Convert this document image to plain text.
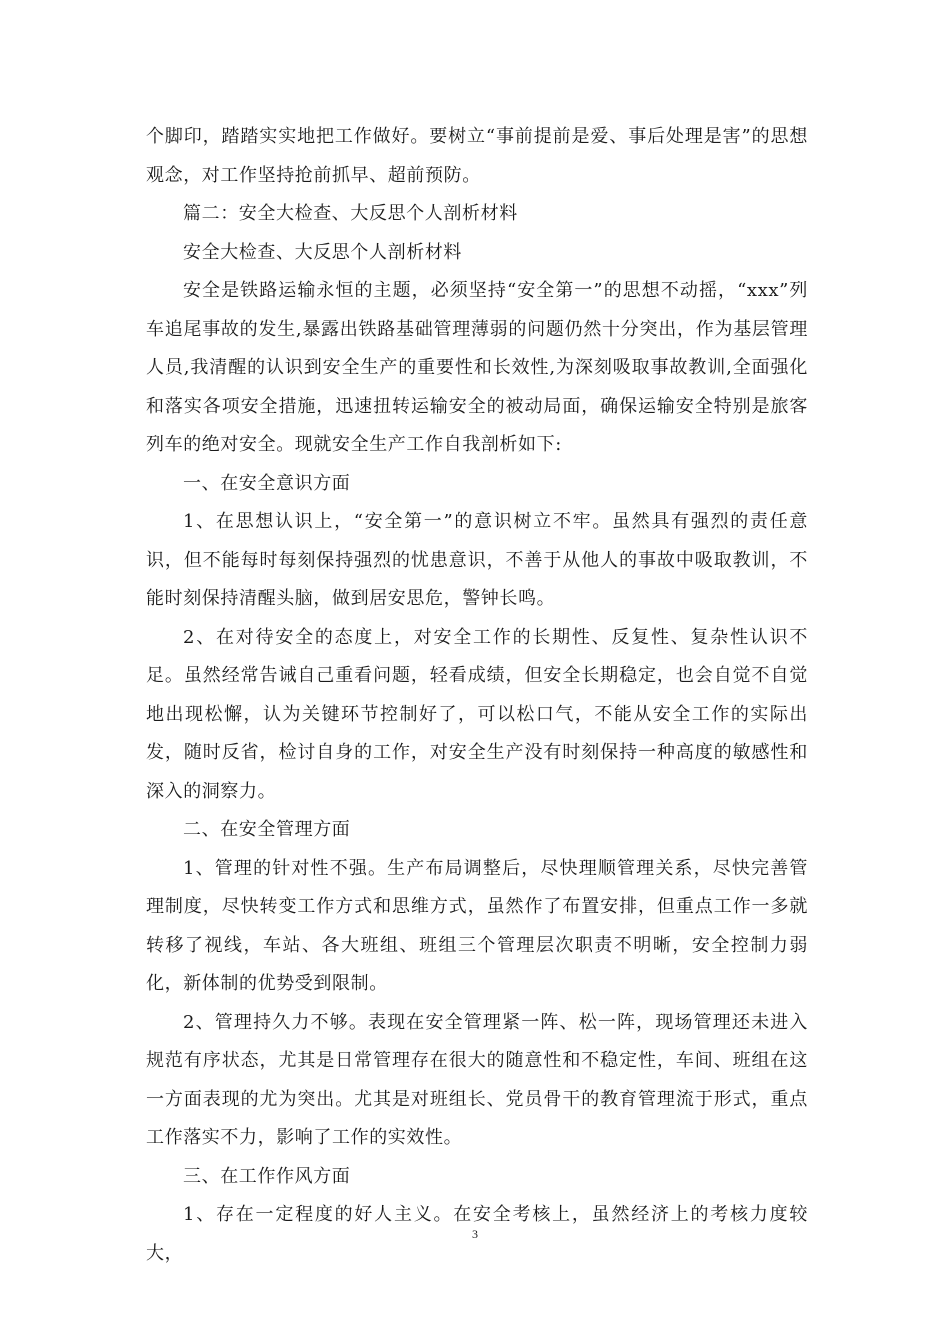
个脚印，踏踏实实地把工作做好。要树立“事前提前是爱、事后处理是害”的思想观念，对工作坚持抢前抓早、超前预防。

篇二：安全大检查、大反思个人剖析材料

安全大检查、大反思个人剖析材料

安全是铁路运输永恒的主题，必须坚持“安全第一”的思想不动摇，“xxx”列车追尾事故的发生,暴露出铁路基础管理薄弱的问题仍然十分突出，作为基层管理人员,我清醒的认识到安全生产的重要性和长效性,为深刻吸取事故教训,全面强化和落实各项安全措施，迅速扭转运输安全的被动局面，确保运输安全特别是旅客列车的绝对安全。现就安全生产工作自我剖析如下:

一、在安全意识方面

1、在思想认识上，“安全第一”的意识树立不牢。虽然具有强烈的责任意识，但不能每时每刻保持强烈的忧患意识，不善于从他人的事故中吸取教训，不能时刻保持清醒头脑，做到居安思危，警钟长鸣。

2、在对待安全的态度上，对安全工作的长期性、反复性、复杂性认识不足。虽然经常告诫自己重看问题，轻看成绩，但安全长期稳定，也会自觉不自觉地出现松懈，认为关键环节控制好了，可以松口气，不能从安全工作的实际出发，随时反省，检讨自身的工作，对安全生产没有时刻保持一种高度的敏感性和深入的洞察力。

二、在安全管理方面

1、管理的针对性不强。生产布局调整后，尽快理顺管理关系，尽快完善管理制度，尽快转变工作方式和思维方式，虽然作了布置安排，但重点工作一多就转移了视线，车站、各大班组、班组三个管理层次职责不明晰，安全控制力弱化，新体制的优势受到限制。

2、管理持久力不够。表现在安全管理紧一阵、松一阵，现场管理还未进入规范有序状态，尤其是日常管理存在很大的随意性和不稳定性，车间、班组在这一方面表现的尤为突出。尤其是对班组长、党员骨干的教育管理流于形式，重点工作落实不力，影响了工作的实效性。

三、在工作作风方面

1、存在一定程度的好人主义。在安全考核上，虽然经济上的考核力度较大，

3
